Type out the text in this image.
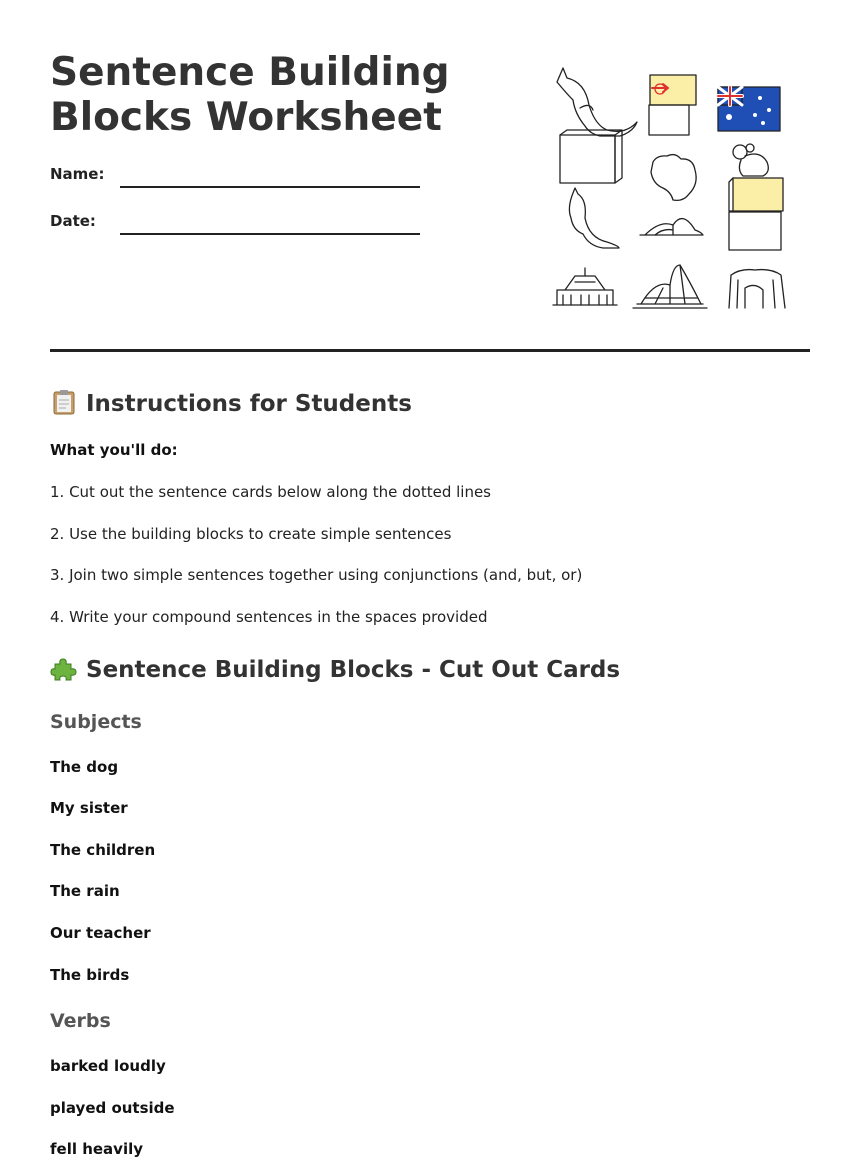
Sentence Building Blocks Worksheet
Name:
Date:
Instructions for Students
What you'll do:
1. Cut out the sentence cards below along the dotted lines
2. Use the building blocks to create simple sentences
3. Join two simple sentences together using conjunctions (and, but, or)
4. Write your compound sentences in the spaces provided
Sentence Building Blocks - Cut Out Cards
Subjects
The dog
My sister
The children
The rain
Our teacher
The birds
Verbs
barked loudly
played outside
fell heavily
